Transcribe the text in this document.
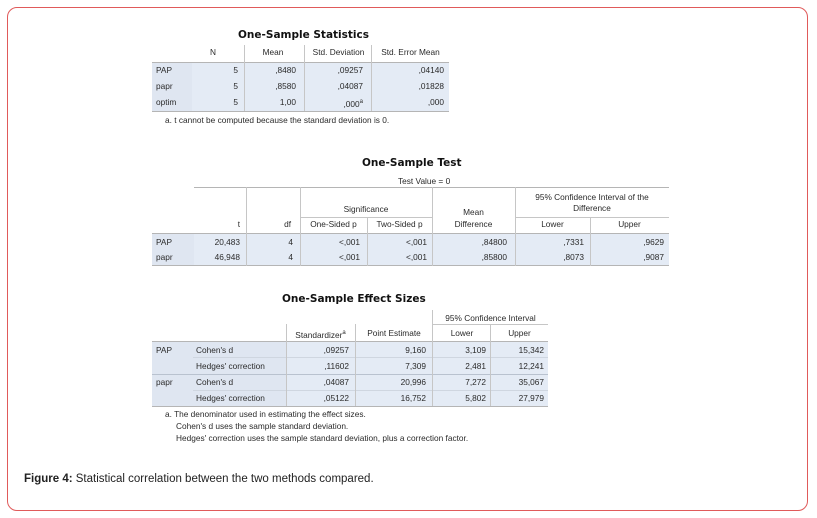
One-Sample Statistics
N	Mean	Std. Deviation	Std. Error Mean
PAP	5	,8480	,09257	,04140
papr	5	,8580	,04087	,01828
optim	5	1,00	,000$^a$	,000
a. t cannot be computed because the standard deviation is 0.
One-Sample Test
Test Value = 0
Significance	Mean
Difference
95% Confidence Interval of the
Difference
t	df	One-Sided p	Two-Sided p	Lower	Upper
PAP	20,483	4	<,001	<,001	,84800	,7331	,9629
papr	46,948	4	<,001	<,001	,85800	,8073	,9087
One-Sample Effect Sizes
95% Confidence Interval
Standardizer$^a$	Point Estimate	Lower	Upper
PAP	Cohen's d	,09257	9,160	3,109	15,342
Hedges' correction	,11602	7,309	2,481	12,241
papr	Cohen's d	,04087	20,996	7,272	35,067
Hedges' correction	,05122	16,752	5,802	27,979
a. The denominator used in estimating the effect sizes.
Cohen's d uses the sample standard deviation.
Hedges' correction uses the sample standard deviation, plus a correction factor.
Figure 4: Statistical correlation between the two methods compared.
